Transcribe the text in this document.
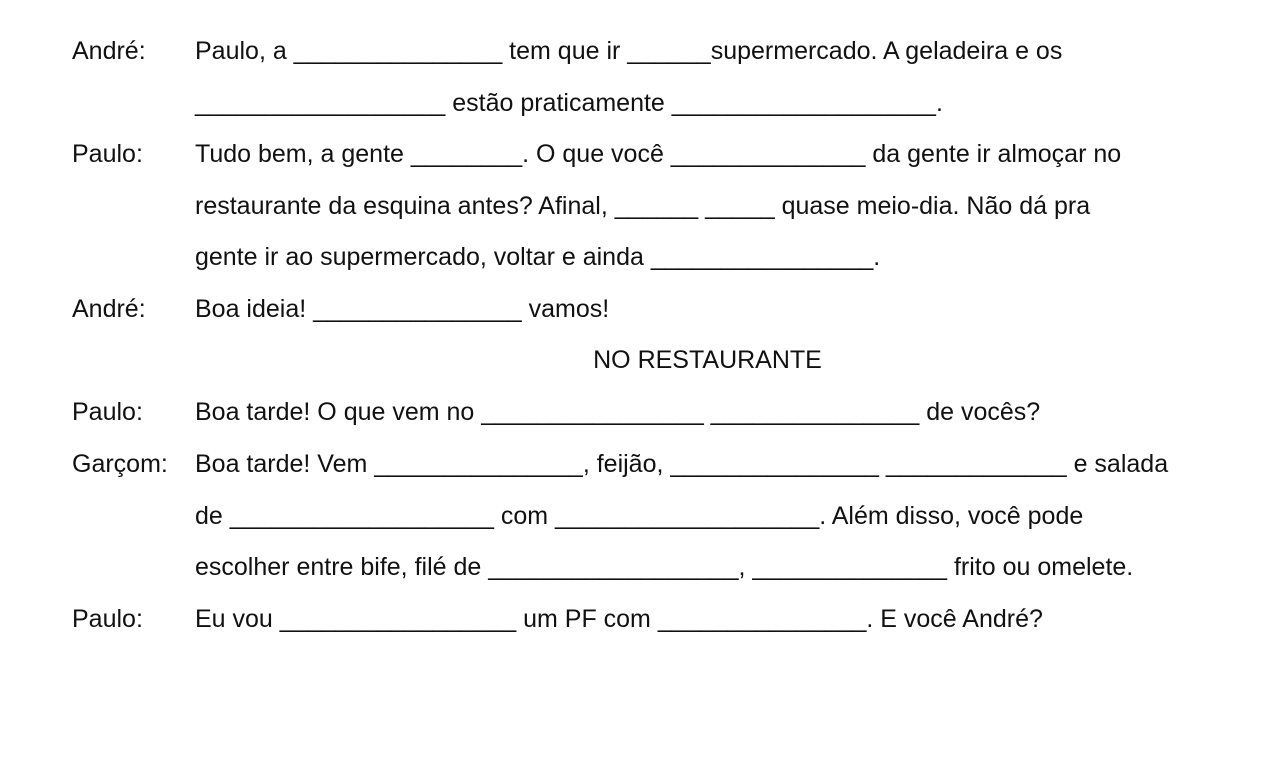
André:

Paulo, a _______________ tem que ir ______supermercado. A geladeira e os

__________________ estão praticamente ___________________.

Paulo:

Tudo bem, a gente ________. O que você ______________ da gente ir almoçar no

restaurante da esquina antes? Afinal, ______ _____ quase meio-dia. Não dá pra

gente ir ao supermercado, voltar e ainda ________________.

André:

Boa ideia! _______________ vamos!

NO RESTAURANTE

Paulo:

Boa tarde! O que vem no ________________ _______________ de vocês?

Garçom:

Boa tarde! Vem _______________, feijão, _______________ _____________ e salada

de ___________________ com ___________________. Além disso, você pode

escolher entre bife, filé de __________________, ______________ frito ou omelete.

Paulo:

Eu vou _________________ um PF com _______________. E você André?
